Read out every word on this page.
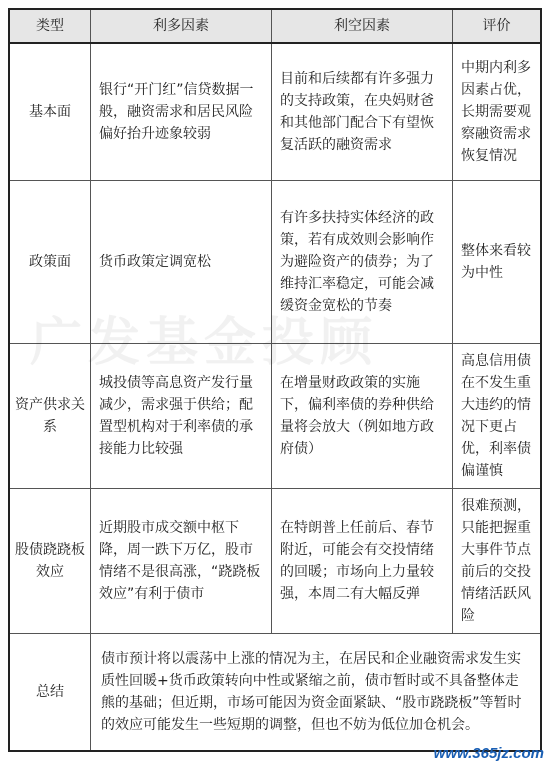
类型	利多因素	利空因素	评价
基本面	银行“开门红”信贷数据一般，融资需求和居民风险偏好抬升迹象较弱	目前和后续都有许多强力的支持政策，在央妈财爸和其他部门配合下有望恢复活跃的融资需求	中期内利多因素占优，长期需要观察融资需求恢复情况
政策面	货币政策定调宽松	有许多扶持实体经济的政策，若有成效则会影响作为避险资产的债券；为了维持汇率稳定，可能会减缓资金宽松的节奏	整体来看较为中性
资产供求关系	城投债等高息资产发行量减少，需求强于供给；配置型机构对于利率债的承接能力比较强	在增量财政政策的实施下，偏利率债的券种供给量将会放大（例如地方政府债）	高息信用债在不发生重大违约的情况下更占优，利率债偏谨慎
股债跷跷板效应	近期股市成交额中枢下降，周一跌下万亿，股市情绪不是很高涨，“跷跷板效应”有利于债市	在特朗普上任前后、春节附近，可能会有交投情绪的回暖；市场向上力量较强，本周二有大幅反弹	很难预测，只能把握重大事件节点前后的交投情绪活跃风险
总结	债市预计将以震荡中上涨的情况为主，在居民和企业融资需求发生实质性回暖+货币政策转向中性或紧缩之前，债市暂时或不具备整体走熊的基础；但近期，市场可能因为资金面紧缺、“股市跷跷板”等暂时的效应可能发生一些短期的调整，但也不妨为低位加仓机会。		
广发基金投顾
www.365jz.com
